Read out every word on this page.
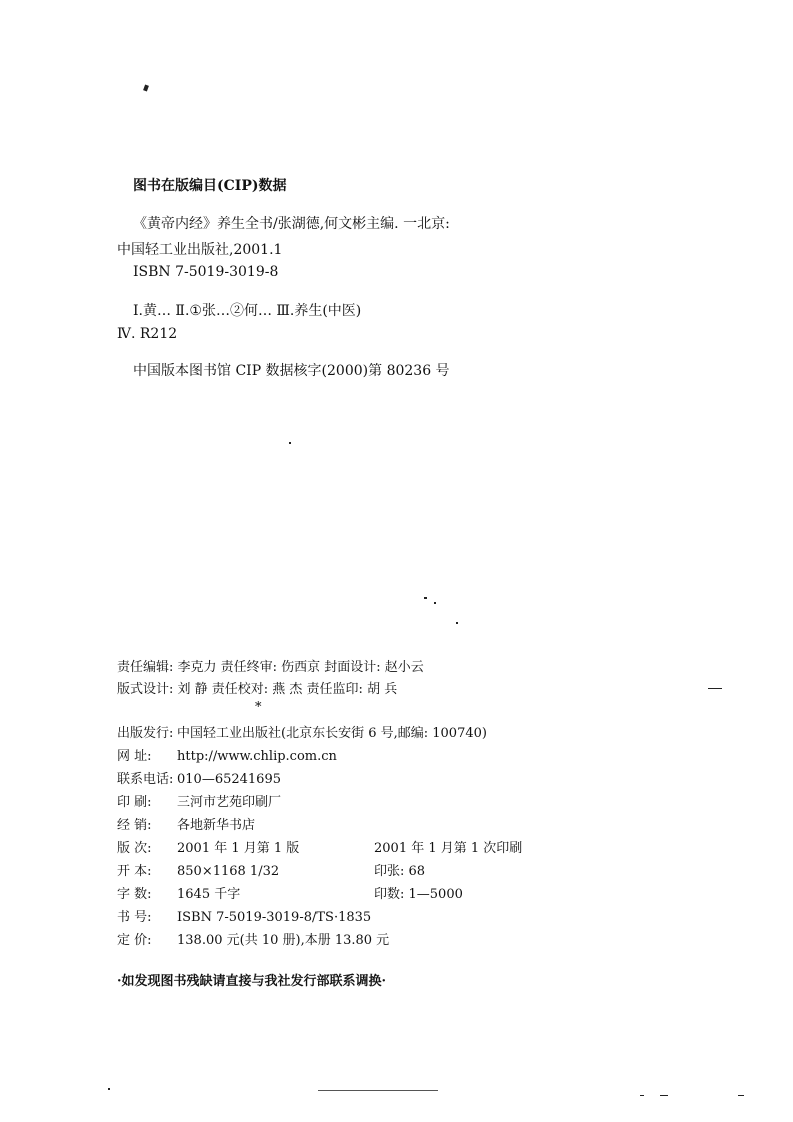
图书在版编目(CIP)数据
《黄帝内经》养生全书/张湖德,何文彬主编. 一北京:
中国轻工业出版社,2001.1
ISBN 7-5019-3019-8
Ⅰ.黄… Ⅱ.①张…②何… Ⅲ.养生(中医)
Ⅳ. R212
中国版本图书馆 CIP 数据核字(2000)第 80236 号
责任编辑: 李克力 责任终审: 伤西京 封面设计: 赵小云
版式设计: 刘 静 责任校对: 燕 杰 责任监印: 胡 兵
*
出版发行: 中国轻工业出版社(北京东长安街 6 号,邮编: 100740)
网 址: http://www.chlip.com.cn
联系电话: 010—65241695
印 刷: 三河市艺苑印刷厂
经 销: 各地新华书店
版 次: 2001 年 1 月第 1 版	2001 年 1 月第 1 次印刷
开 本: 850×1168 1/32	印张: 68
字 数: 1645 千字	印数: 1—5000
书 号: ISBN 7-5019-3019-8/TS·1835
定 价: 138.00 元(共 10 册),本册 13.80 元
·如发现图书残缺请直接与我社发行部联系调换·
